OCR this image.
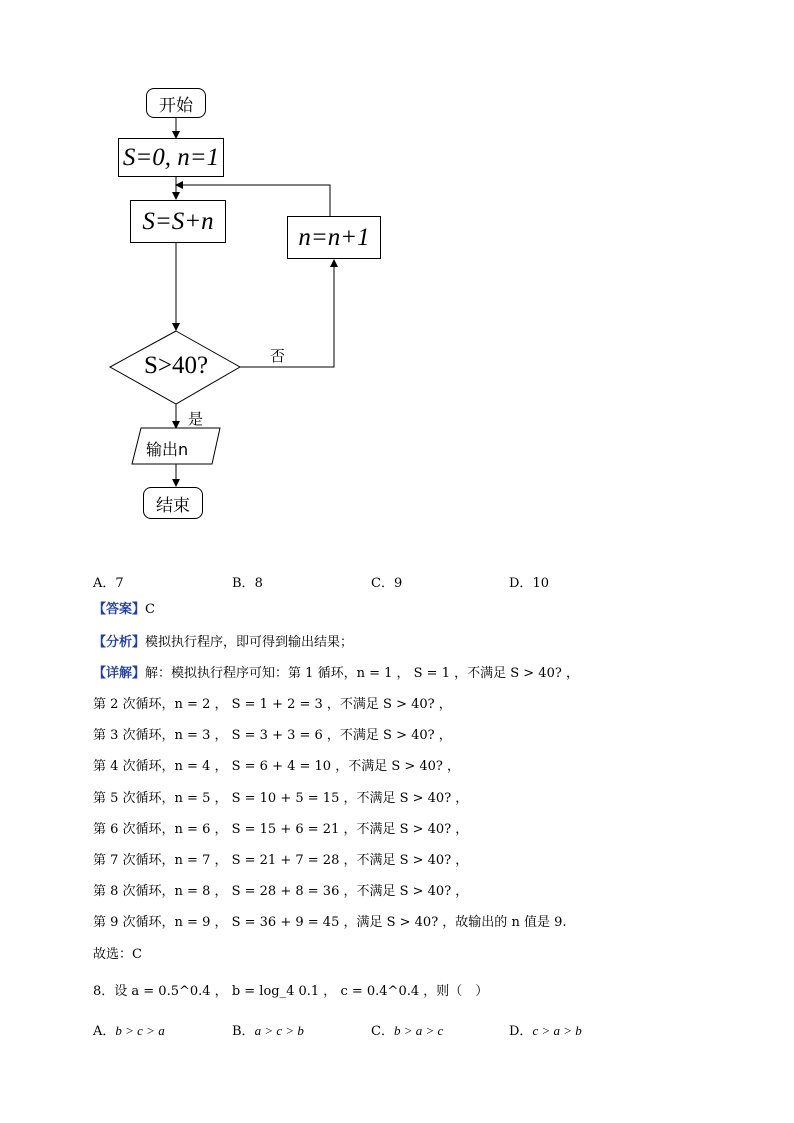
开始
S=0, n=1
S=S+n
n=n+1
S>40?	否
是
输出n
结束
A．7	B．8	C．9	D．10
【答案】C
【分析】模拟执行程序，即可得到输出结果；
【详解】解：模拟执行程序可知：第 1 循环，n = 1 ， S = 1 ，不满足 S > 40? ，
第 2 次循环，n = 2 ， S = 1 + 2 = 3 ，不满足 S > 40? ，
第 3 次循环，n = 3 ， S = 3 + 3 = 6 ，不满足 S > 40? ，
第 4 次循环，n = 4 ， S = 6 + 4 = 10 ，不满足 S > 40? ，
第 5 次循环，n = 5 ， S = 10 + 5 = 15 ，不满足 S > 40? ，
第 6 次循环，n = 6 ， S = 15 + 6 = 21 ，不满足 S > 40? ，
第 7 次循环，n = 7 ， S = 21 + 7 = 28 ，不满足 S > 40? ，
第 8 次循环，n = 8 ， S = 28 + 8 = 36 ，不满足 S > 40? ，
第 9 次循环，n = 9 ， S = 36 + 9 = 45 ，满足 S > 40? ，故输出的 n 值是 9.
故选：C
8．设 a = 0.5^0.4 ， b = log_4 0.1 ， c = 0.4^0.4 ，则（　）
A．b > c > a	B．a > c > b	C．b > a > c	D．c > a > b
